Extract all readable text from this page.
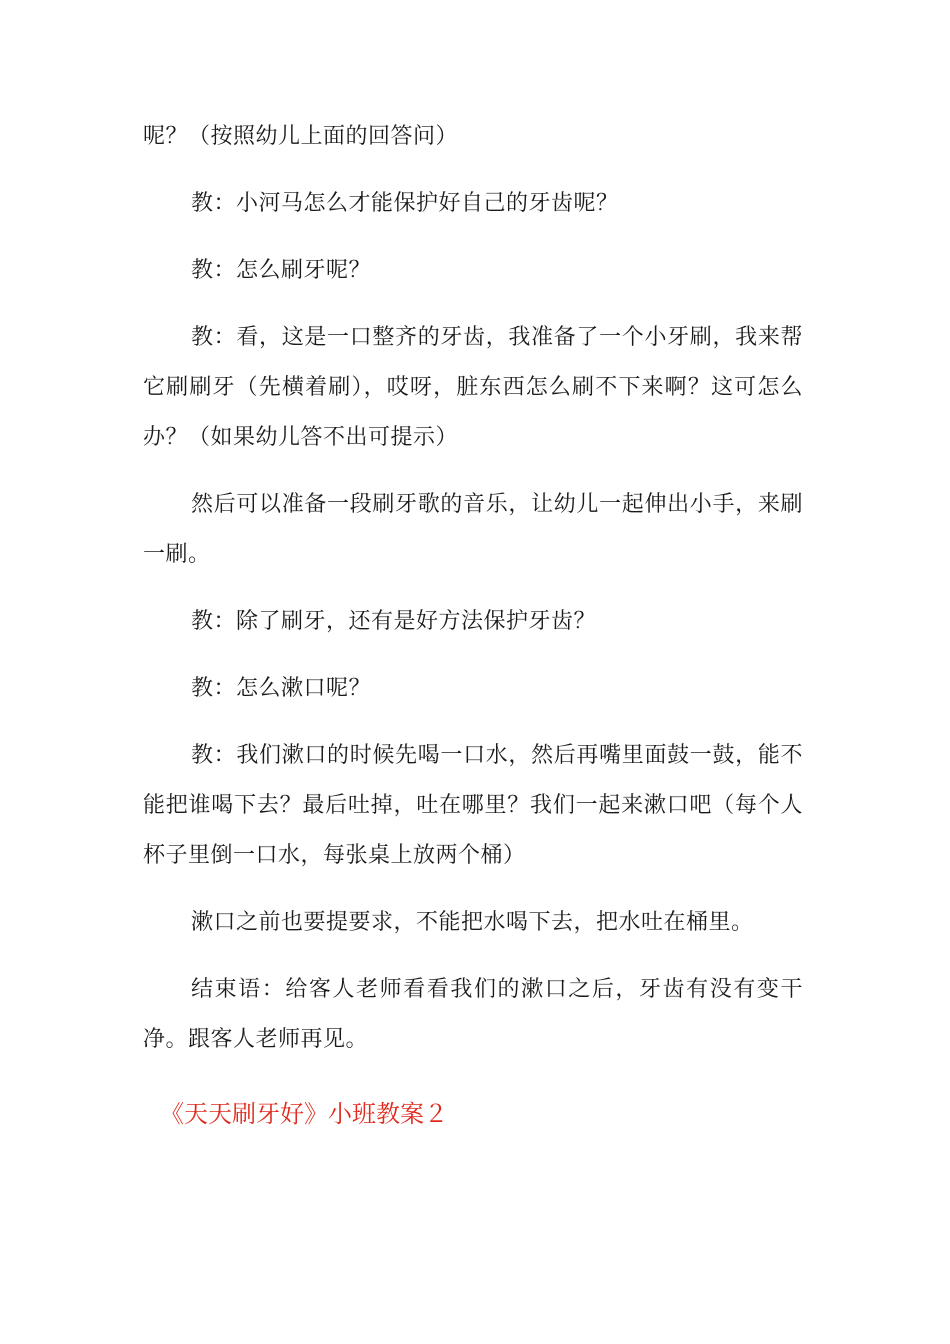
呢？（按照幼儿上面的回答问）

教：小河马怎么才能保护好自己的牙齿呢？

教：怎么刷牙呢？

教：看，这是一口整齐的牙齿，我准备了一个小牙刷，我来帮它刷刷牙（先横着刷），哎呀，脏东西怎么刷不下来啊？这可怎么办？（如果幼儿答不出可提示）

然后可以准备一段刷牙歌的音乐，让幼儿一起伸出小手，来刷一刷。

教：除了刷牙，还有是好方法保护牙齿？

教：怎么漱口呢？

教：我们漱口的时候先喝一口水，然后再嘴里面鼓一鼓，能不能把谁喝下去？最后吐掉，吐在哪里？我们一起来漱口吧（每个人杯子里倒一口水，每张桌上放两个桶）

漱口之前也要提要求，不能把水喝下去，把水吐在桶里。

结束语：给客人老师看看我们的漱口之后，牙齿有没有变干净。跟客人老师再见。

《天天刷牙好》小班教案２
